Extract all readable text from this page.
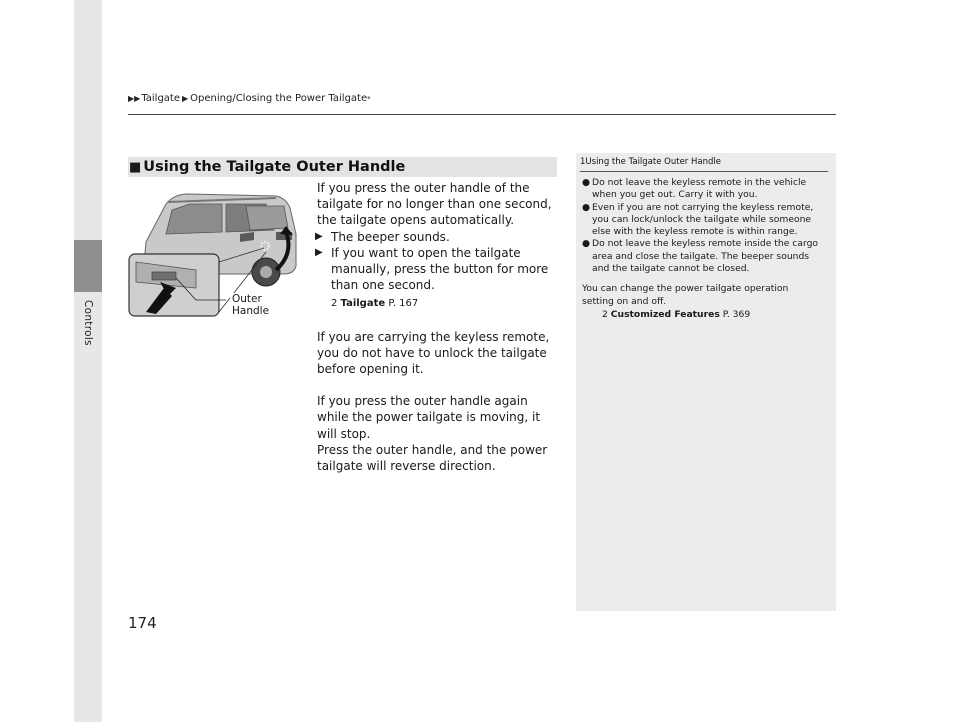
Controls
▶▶ Tailgate ▶ Opening/Closing the Power Tailgate *
■ Using the Tailgate Outer Handle
Outer Handle

If you press the outer handle of the tailgate for no longer than one second, the tailgate opens automatically.

▶ The beeper sounds.

▶ If you want to open the tailgate manually, press the button for more than one second.

2 Tailgate P. 167

If you are carrying the keyless remote, you do not have to unlock the tailgate before opening it.

If you press the outer handle again while the power tailgate is moving, it will stop.

Press the outer handle, and the power tailgate will reverse direction.

1Using the Tailgate Outer Handle
● Do not leave the keyless remote in the vehicle when you get out. Carry it with you.
● Even if you are not carrying the keyless remote, you can lock/unlock the tailgate while someone else with the keyless remote is within range.
● Do not leave the keyless remote inside the cargo area and close the tailgate. The beeper sounds and the tailgate cannot be closed.

You can change the power tailgate operation setting on and off.

2 Customized Features P. 369

174
